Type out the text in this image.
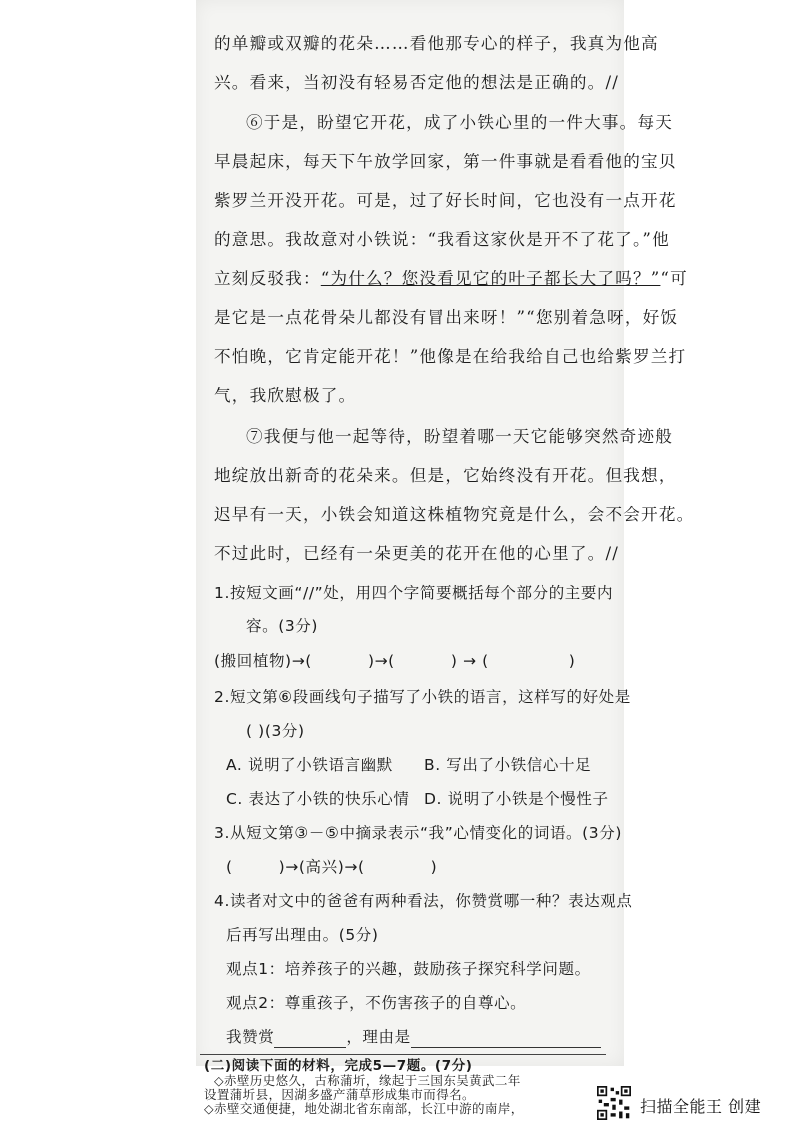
的单瓣或双瓣的花朵……看他那专心的样子，我真为他高
兴。看来，当初没有轻易否定他的想法是正确的。//
⑥于是，盼望它开花，成了小铁心里的一件大事。每天
早晨起床，每天下午放学回家，第一件事就是看看他的宝贝
紫罗兰开没开花。可是，过了好长时间，它也没有一点开花
的意思。我故意对小铁说：“我看这家伙是开不了花了。”他
立刻反驳我：“为什么？您没看见它的叶子都长大了吗？”“可
是它是一点花骨朵儿都没有冒出来呀！”“您别着急呀，好饭
不怕晚，它肯定能开花！”他像是在给我给自己也给紫罗兰打
气，我欣慰极了。
⑦我便与他一起等待，盼望着哪一天它能够突然奇迹般
地绽放出新奇的花朵来。但是，它始终没有开花。但我想，
迟早有一天，小铁会知道这株植物究竟是什么，会不会开花。
不过此时，已经有一朵更美的花开在他的心里了。//
1.按短文画“//”处，用四个字简要概括每个部分的主要内
容。(3分)
(搬回植物)→(	)→(	) → (	)
2.短文第⑥段画线句子描写了小铁的语言，这样写的好处是
( )(3分)
A. 说明了小铁语言幽默 B. 写出了小铁信心十足
C. 表达了小铁的快乐心情 D. 说明了小铁是个慢性子
3.从短文第③－⑤中摘录表示“我”心情变化的词语。(3分)
(	)→(高兴)→(	)
4.读者对文中的爸爸有两种看法，你赞赏哪一种？表达观点
后再写出理由。(5分)
观点1：培养孩子的兴趣，鼓励孩子探究科学问题。
观点2：尊重孩子，不伤害孩子的自尊心。
我赞赏	，理由是
(二)阅读下面的材料，完成5—7题。(7分)
◇赤壁历史悠久，古称蒲圻，缘起于三国东吴黄武二年
设置蒲圻县，因湖多盛产蒲草形成集市而得名。
◇赤壁交通便捷，地处湖北省东南部，长江中游的南岸，	扫描全能王 创建
